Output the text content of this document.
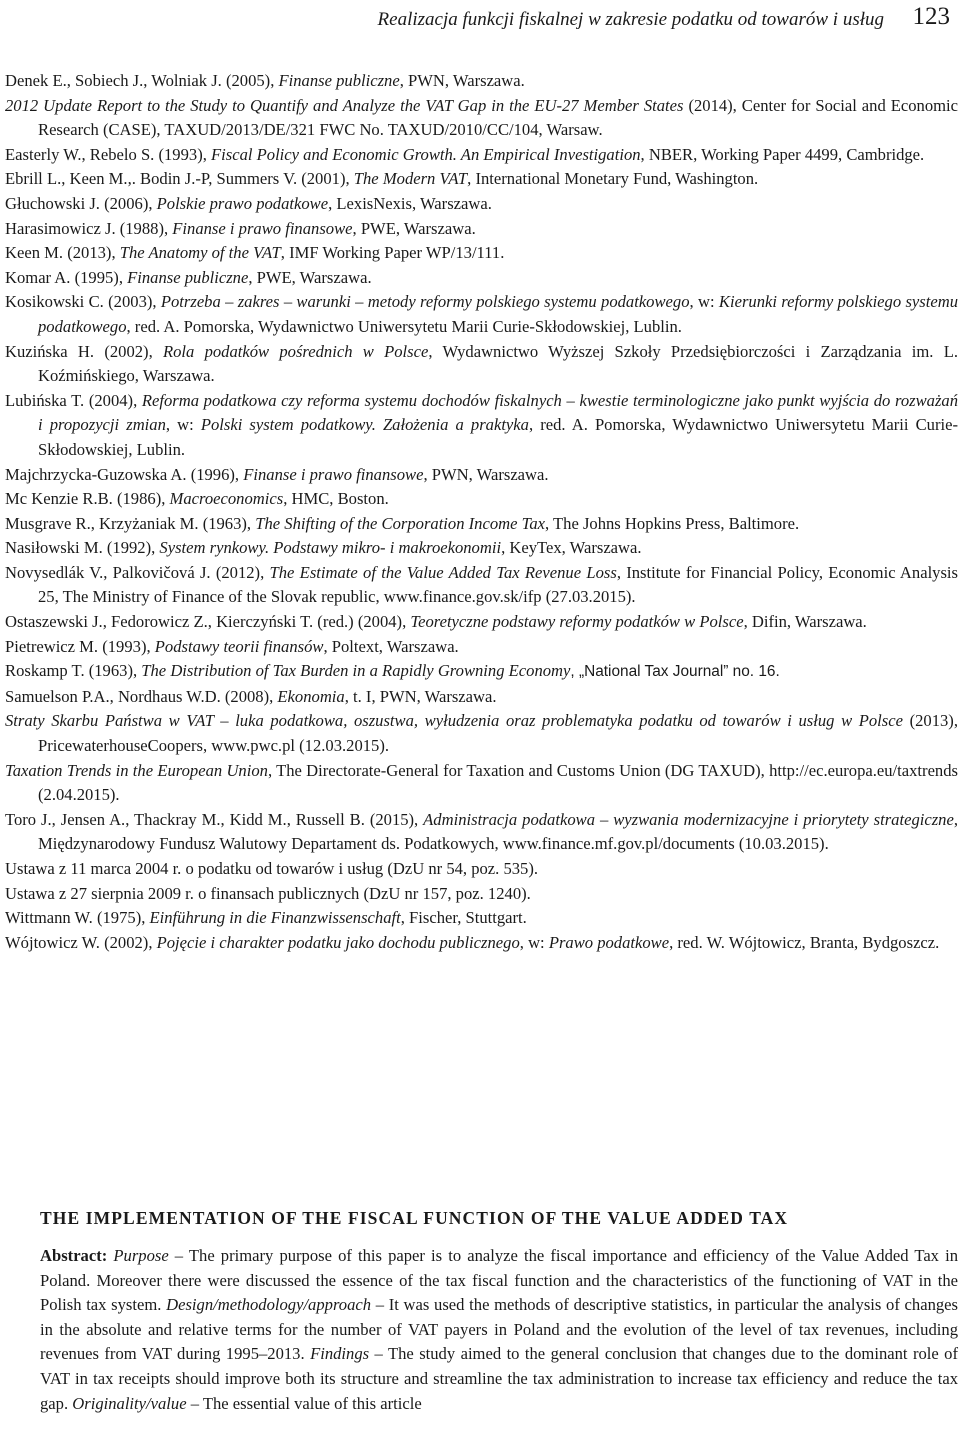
Realizacja funkcji fiskalnej w zakresie podatku od towarów i usług 123

Denek E., Sobiech J., Wolniak J. (2005), Finanse publiczne, PWN, Warszawa.

2012 Update Report to the Study to Quantify and Analyze the VAT Gap in the EU-27 Member States (2014), Center for Social and Economic Research (CASE), TAXUD/2013/DE/321 FWC No. TAXUD/2010/CC/104, Warsaw.

Easterly W., Rebelo S. (1993), Fiscal Policy and Economic Growth. An Empirical Investigation, NBER, Working Paper 4499, Cambridge.

Ebrill L., Keen M.,. Bodin J.-P, Summers V. (2001), The Modern VAT, International Monetary Fund, Washington.

Głuchowski J. (2006), Polskie prawo podatkowe, LexisNexis, Warszawa.

Harasimowicz J. (1988), Finanse i prawo finansowe, PWE, Warszawa.

Keen M. (2013), The Anatomy of the VAT, IMF Working Paper WP/13/111.

Komar A. (1995), Finanse publiczne, PWE, Warszawa.

Kosikowski C. (2003), Potrzeba – zakres – warunki – metody reformy polskiego systemu podatkowego, w: Kierunki reformy polskiego systemu podatkowego, red. A. Pomorska, Wydawnictwo Uniwersytetu Marii Curie-Skłodowskiej, Lublin.

Kuzińska H. (2002), Rola podatków pośrednich w Polsce, Wydawnictwo Wyższej Szkoły Przedsiębiorczości i Zarządzania im. L. Koźmińskiego, Warszawa.

Lubińska T. (2004), Reforma podatkowa czy reforma systemu dochodów fiskalnych – kwestie terminologiczne jako punkt wyjścia do rozważań i propozycji zmian, w: Polski system podatkowy. Założenia a praktyka, red. A. Pomorska, Wydawnictwo Uniwersytetu Marii Curie-Skłodowskiej, Lublin.

Majchrzycka-Guzowska A. (1996), Finanse i prawo finansowe, PWN, Warszawa.

Mc Kenzie R.B. (1986), Macroeconomics, HMC, Boston.

Musgrave R., Krzyżaniak M. (1963), The Shifting of the Corporation Income Tax, The Johns Hopkins Press, Baltimore.

Nasiłowski M. (1992), System rynkowy. Podstawy mikro- i makroekonomii, KeyTex, Warszawa.

Novysedlák V., Palkovičová J. (2012), The Estimate of the Value Added Tax Revenue Loss, Institute for Financial Policy, Economic Analysis 25, The Ministry of Finance of the Slovak republic, www.finance.gov.sk/ifp (27.03.2015).

Ostaszewski J., Fedorowicz Z., Kierczyński T. (red.) (2004), Teoretyczne podstawy reformy podatków w Polsce, Difin, Warszawa.

Pietrewicz M. (1993), Podstawy teorii finansów, Poltext, Warszawa.

Roskamp T. (1963), The Distribution of Tax Burden in a Rapidly Growning Economy, „National Tax Journal” no. 16.

Samuelson P.A., Nordhaus W.D. (2008), Ekonomia, t. I, PWN, Warszawa.

Straty Skarbu Państwa w VAT – luka podatkowa, oszustwa, wyłudzenia oraz problematyka podatku od towarów i usług w Polsce (2013), PricewaterhouseCoopers, www.pwc.pl (12.03.2015).

Taxation Trends in the European Union, The Directorate-General for Taxation and Customs Union (DG TAXUD), http://ec.europa.eu/taxtrends (2.04.2015).

Toro J., Jensen A., Thackray M., Kidd M., Russell B. (2015), Administracja podatkowa – wyzwania modernizacyjne i priorytety strategiczne, Międzynarodowy Fundusz Walutowy Departament ds. Podatkowych, www.finance.mf.gov.pl/documents (10.03.2015).

Ustawa z 11 marca 2004 r. o podatku od towarów i usług (DzU nr 54, poz. 535).

Ustawa z 27 sierpnia 2009 r. o finansach publicznych (DzU nr 157, poz. 1240).

Wittmann W. (1975), Einführung in die Finanzwissenschaft, Fischer, Stuttgart.

Wójtowicz W. (2002), Pojęcie i charakter podatku jako dochodu publicznego, w: Prawo podatkowe, red. W. Wójtowicz, Branta, Bydgoszcz.

THE IMPLEMENTATION OF THE FISCAL FUNCTION OF THE VALUE ADDED TAX

Abstract: Purpose – The primary purpose of this paper is to analyze the fiscal importance and efficiency of the Value Added Tax in Poland. Moreover there were discussed the essence of the tax fiscal function and the characteristics of the functioning of VAT in the Polish tax system. Design/methodology/approach – It was used the methods of descriptive statistics, in particular the analysis of changes in the absolute and relative terms for the number of VAT payers in Poland and the evolution of the level of tax revenues, including revenues from VAT during 1995–2013. Findings – The study aimed to the general conclusion that changes due to the dominant role of VAT in tax receipts should improve both its structure and streamline the tax administration to increase tax efficiency and reduce the tax gap. Originality/value – The essential value of this article
